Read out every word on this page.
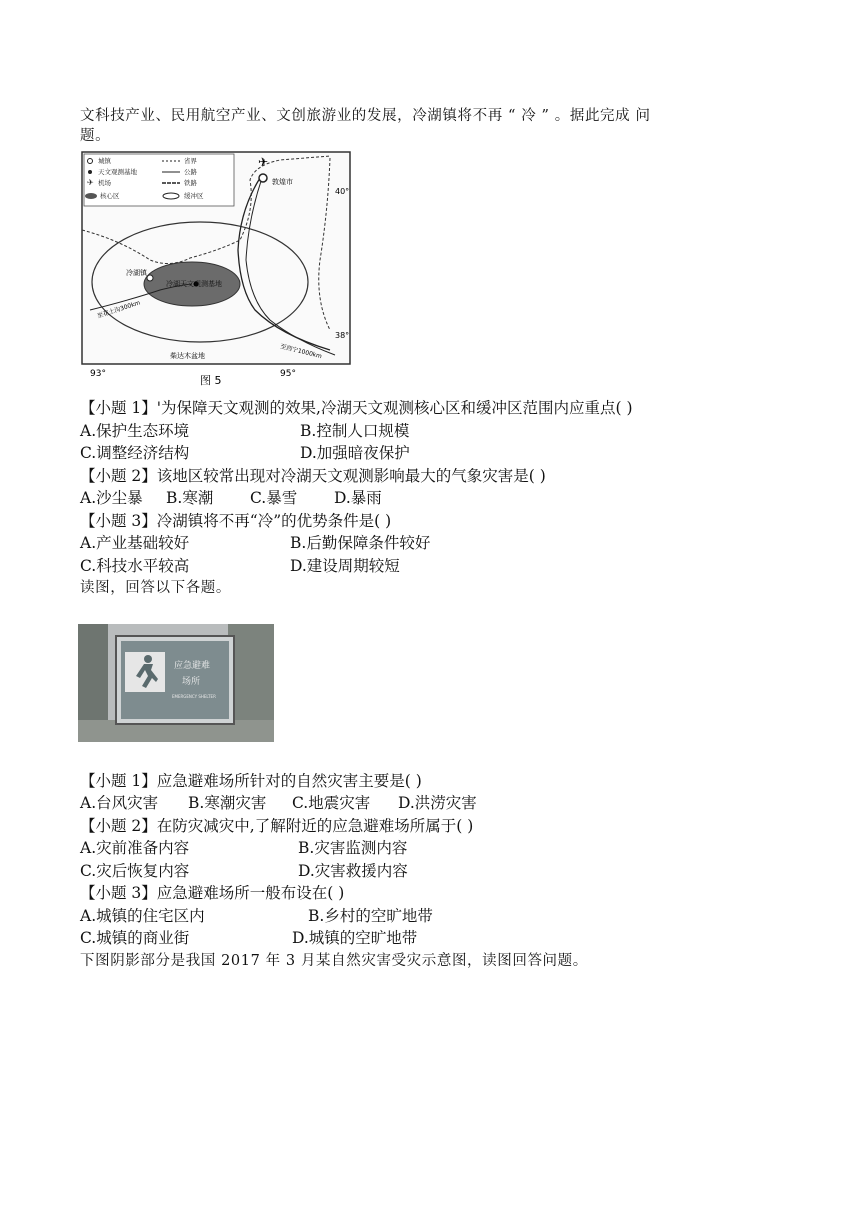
文科技产业、民用航空产业、文创旅游业的发展，冷湖镇将不再 “ 冷 ” 。据此完成 问
题。
城镇
天文观测基地
✈ 机场
核心区
省界
公路
铁路
缓冲区
敦煌市
✈
冷湖镇
冷湖天文观测基地
至花土沟300km
至西宁1000km
柴达木盆地
40°
38°
93°	95°
图 5
【小题 1】'为保障天文观测的效果,冷湖天文观测核心区和缓冲区范围内应重点( )
A.保护生态环境	B.控制人口规模
C.调整经济结构	D.加强暗夜保护
【小题 2】该地区较常出现对冷湖天文观测影响最大的气象灾害是( )
A.沙尘暴 B.寒潮 C.暴雪 D.暴雨
【小题 3】冷湖镇将不再“冷”的优势条件是( )
A.产业基础较好	B.后勤保障条件较好
C.科技水平较高	D.建设周期较短
读图，回答以下各题。
应急避难
场所
EMERGENCY SHELTER
【小题 1】应急避难场所针对的自然灾害主要是( )
A.台风灾害 B.寒潮灾害 C.地震灾害 D.洪涝灾害
【小题 2】在防灾减灾中,了解附近的应急避难场所属于( )
A.灾前准备内容	B.灾害监测内容
C.灾后恢复内容	D.灾害救援内容
【小题 3】应急避难场所一般布设在( )
A.城镇的住宅区内	B.乡村的空旷地带
C.城镇的商业街	D.城镇的空旷地带
下图阴影部分是我国 2017 年 3 月某自然灾害受灾示意图，读图回答问题。
